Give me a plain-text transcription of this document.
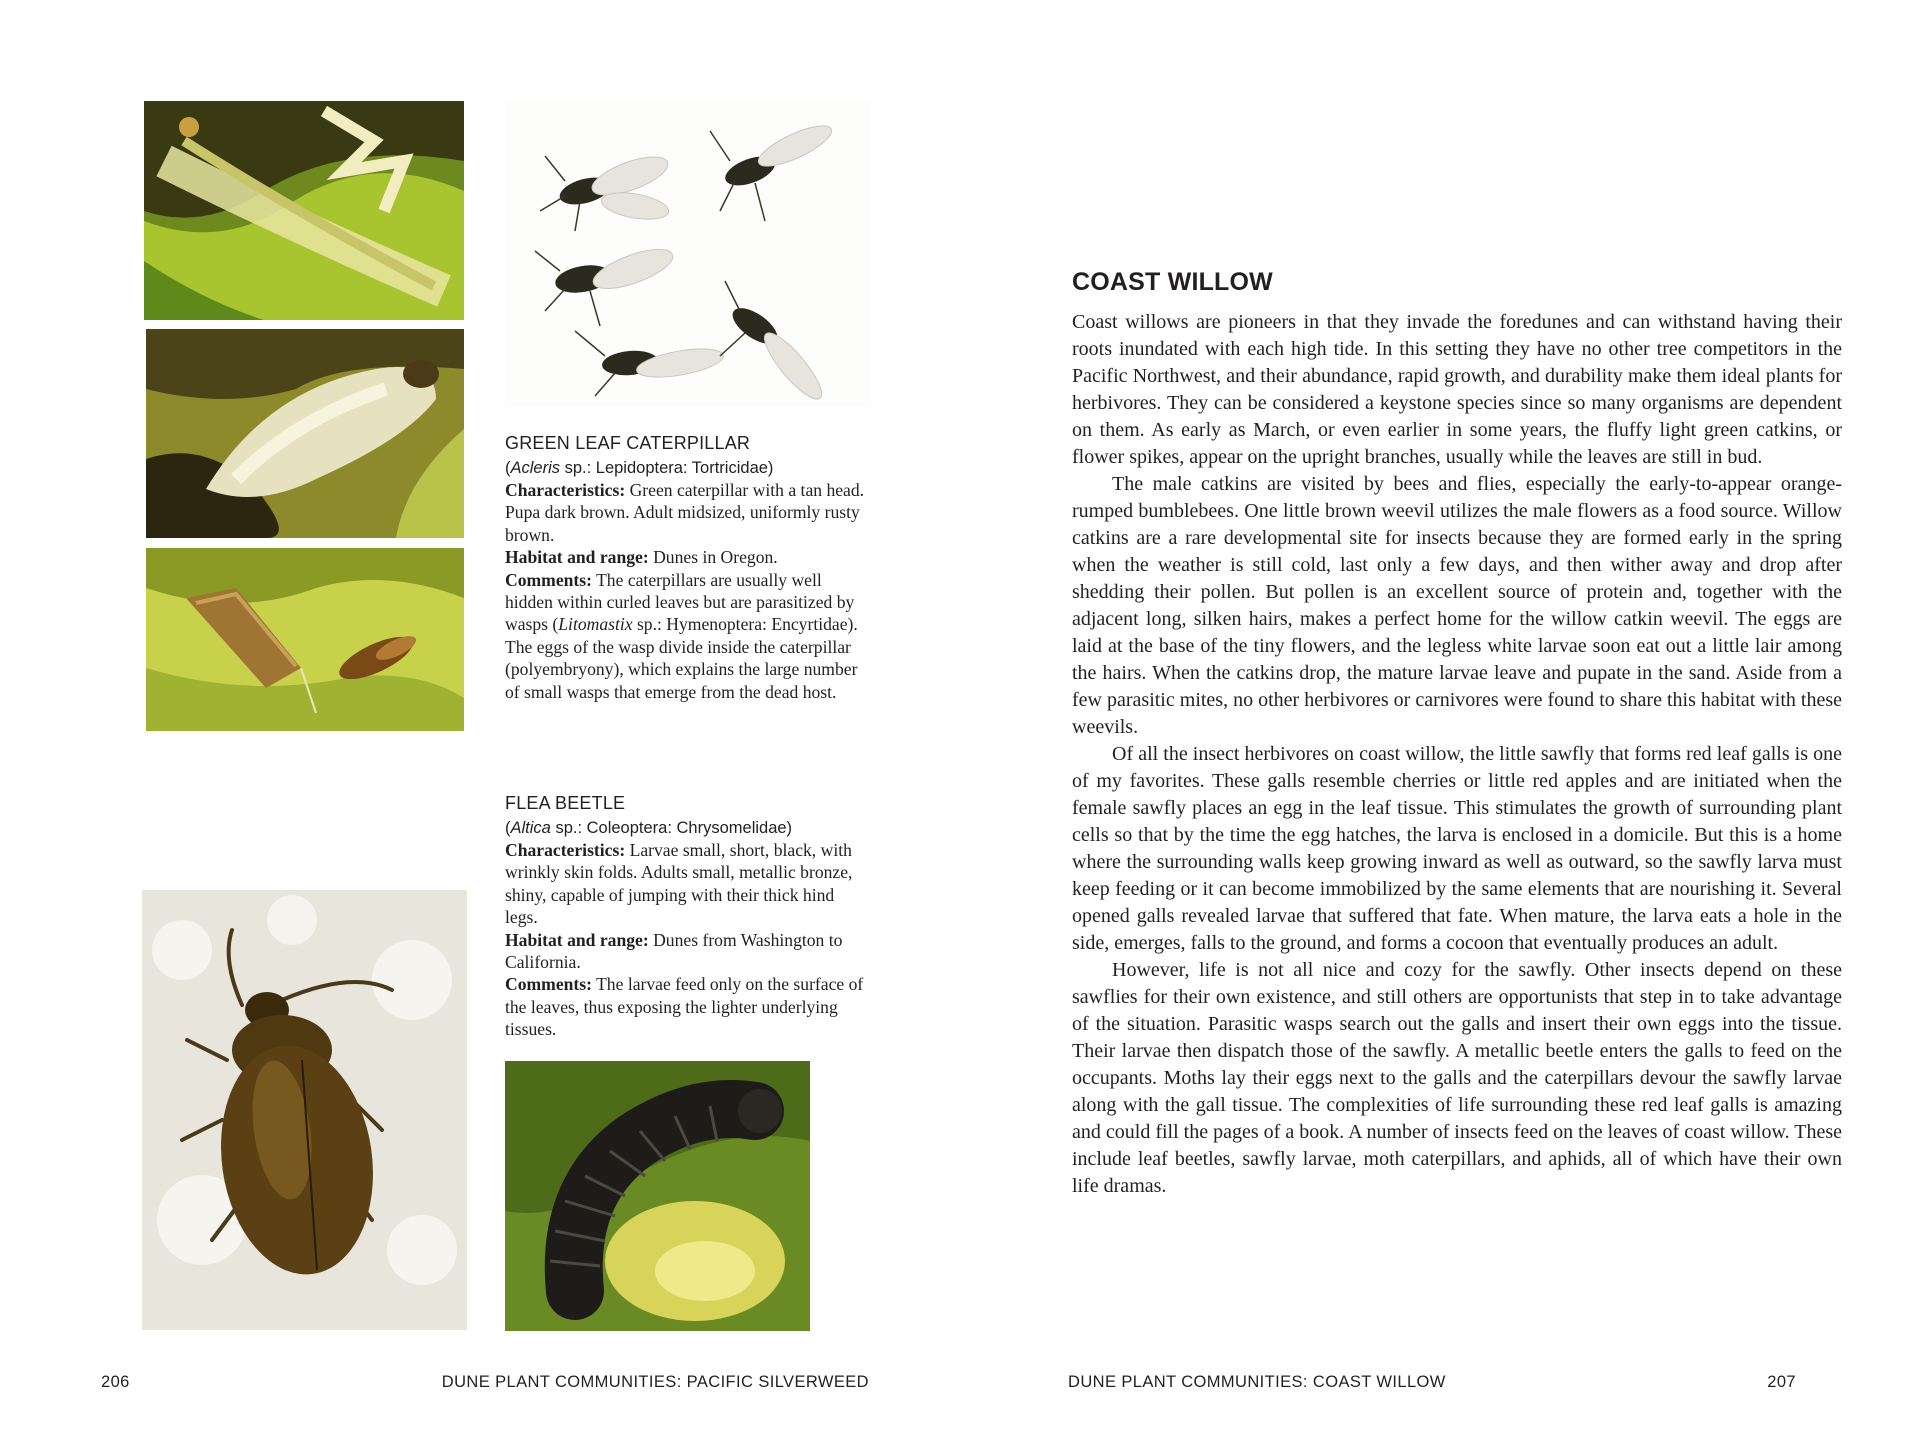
GREEN LEAF CATERPILLAR
(Acleris sp.: Lepidoptera: Tortricidae)
Characteristics: Green caterpillar with a tan head. Pupa dark brown. Adult midsized, uniformly rusty brown.
Habitat and range: Dunes in Oregon.
Comments: The caterpillars are usually well hidden within curled leaves but are parasitized by wasps (Litomastix sp.: Hymenoptera: Encyrtidae). The eggs of the wasp divide inside the caterpillar (polyembryony), which explains the large number of small wasps that emerge from the dead host.
FLEA BEETLE
(Altica sp.: Coleoptera: Chrysomelidae)
Characteristics: Larvae small, short, black, with wrinkly skin folds. Adults small, metallic bronze, shiny, capable of jumping with their thick hind legs.
Habitat and range: Dunes from Washington to California.
Comments: The larvae feed only on the surface of the leaves, thus exposing the lighter underlying tissues.
206	DUNE PLANT COMMUNITIES: PACIFIC SILVERWEED
COAST WILLOW

Coast willows are pioneers in that they invade the foredunes and can withstand having their roots inundated with each high tide. In this setting they have no other tree competitors in the Pacific Northwest, and their abundance, rapid growth, and durability make them ideal plants for herbivores. They can be considered a keystone species since so many organisms are dependent on them. As early as March, or even earlier in some years, the fluffy light green catkins, or flower spikes, appear on the upright branches, usually while the leaves are still in bud.

The male catkins are visited by bees and flies, especially the early-to-appear orange-rumped bumblebees. One little brown weevil utilizes the male flowers as a food source. Willow catkins are a rare developmental site for insects because they are formed early in the spring when the weather is still cold, last only a few days, and then wither away and drop after shedding their pollen. But pollen is an excellent source of protein and, together with the adjacent long, silken hairs, makes a perfect home for the willow catkin weevil. The eggs are laid at the base of the tiny flowers, and the legless white larvae soon eat out a little lair among the hairs. When the catkins drop, the mature larvae leave and pupate in the sand. Aside from a few parasitic mites, no other herbivores or carnivores were found to share this habitat with these weevils.

Of all the insect herbivores on coast willow, the little sawfly that forms red leaf galls is one of my favorites. These galls resemble cherries or little red apples and are initiated when the female sawfly places an egg in the leaf tissue. This stimulates the growth of surrounding plant cells so that by the time the egg hatches, the larva is enclosed in a domicile. But this is a home where the surrounding walls keep growing inward as well as outward, so the sawfly larva must keep feeding or it can become immobilized by the same elements that are nourishing it. Several opened galls revealed larvae that suffered that fate. When mature, the larva eats a hole in the side, emerges, falls to the ground, and forms a cocoon that eventually produces an adult.

However, life is not all nice and cozy for the sawfly. Other insects depend on these sawflies for their own existence, and still others are opportunists that step in to take advantage of the situation. Parasitic wasps search out the galls and insert their own eggs into the tissue. Their larvae then dispatch those of the sawfly. A metallic beetle enters the galls to feed on the occupants. Moths lay their eggs next to the galls and the caterpillars devour the sawfly larvae along with the gall tissue. The complexities of life surrounding these red leaf galls is amazing and could fill the pages of a book. A number of insects feed on the leaves of coast willow. These include leaf beetles, sawfly larvae, moth caterpillars, and aphids, all of which have their own life dramas.

DUNE PLANT COMMUNITIES: COAST WILLOW	207
